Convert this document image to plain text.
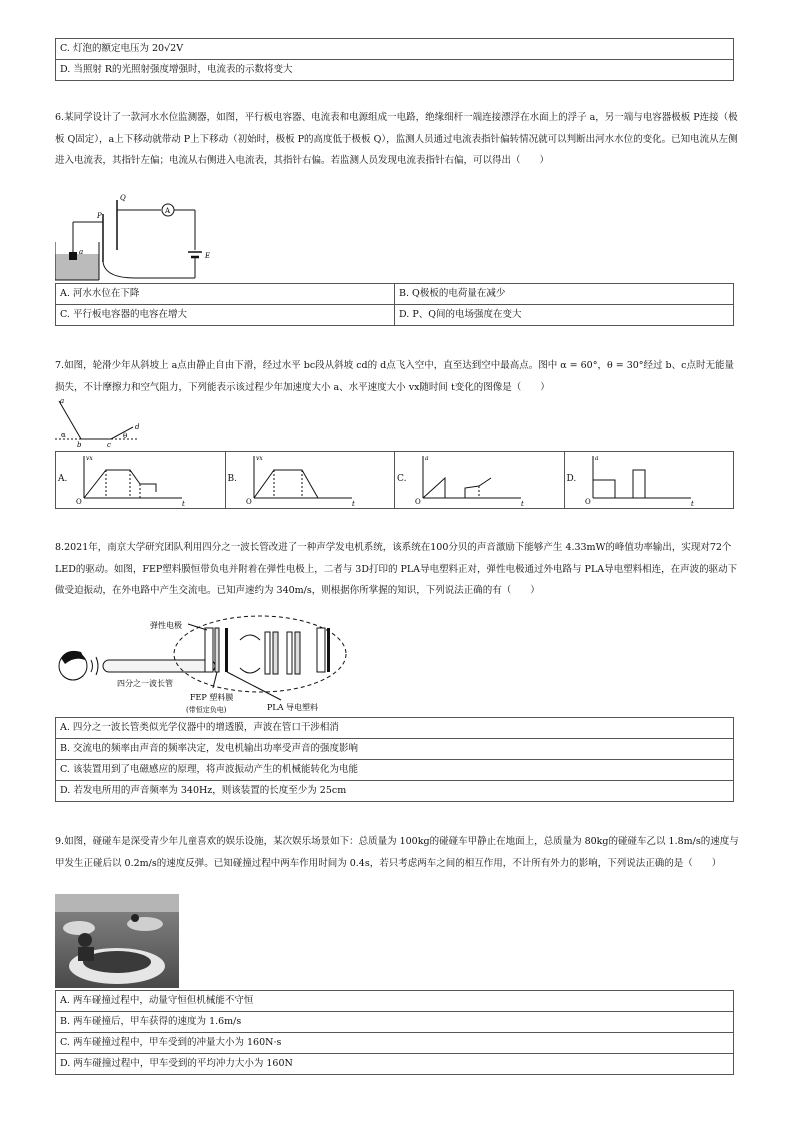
C. 灯泡的额定电压为 20√2V
D. 当照射 R的光照射强度增强时，电流表的示数将变大
6.某同学设计了一款河水水位监测器，如图，平行板电容器、电流表和电源组成一电路，绝缘细杆一端连接漂浮在水面上的浮子 a，另一端与电容器极板 P连接（极板 Q固定），a上下移动就带动 P上下移动（初始时，极板 P的高度低于极板 Q），监测人员通过电流表指针偏转情况就可以判断出河水水位的变化。已知电流从左侧进入电流表，其指针左偏；电流从右侧进入电流表，其指针右偏。若监测人员发现电流表指针右偏，可以得出（　　）
A
P
Q
a	E
A. 河水水位在下降	B. Q极板的电荷量在减少
C. 平行板电容器的电容在增大	D. P、Q间的电场强度在变大
7.如图，轮滑少年从斜坡上 a点由静止自由下滑，经过水平 bc段从斜坡 cd的 d点飞入空中，直至达到空中最高点。图中 α = 60°，θ = 30°经过 b、c点时无能量损失，不计摩擦力和空气阻力，下列能表示该过程少年加速度大小 a、水平速度大小 vx随时间 t变化的图像是（　　）
a
b	c
d
α	θ
A.
vx
O	t

B.
vx
O	t

C.
a
O	t

D.
a
O	t
8.2021年，南京大学研究团队利用四分之一波长管改进了一种声学发电机系统，该系统在100分贝的声音激励下能够产生 4.33mW的峰值功率输出，实现对72个 LED的驱动。如图，FEP塑料膜恒带负电并附着在弹性电极上，二者与 3D打印的 PLA导电塑料正对，弹性电极通过外电路与 PLA导电塑料相连，在声波的驱动下做受迫振动，在外电路中产生交流电。已知声速约为 340m/s，则根据你所掌握的知识，下列说法正确的有（　　）
四分之一波长管
弹性电极
FEP 塑料膜
(带恒定负电)	PLA 导电塑料
A. 四分之一波长管类似光学仪器中的增透膜，声波在管口干涉相消
B. 交流电的频率由声音的频率决定，发电机输出功率受声音的强度影响
C. 该装置用到了电磁感应的原理，将声波振动产生的机械能转化为电能
D. 若发电所用的声音频率为 340Hz，则该装置的长度至少为 25cm
9.如图，碰碰车是深受青少年儿童喜欢的娱乐设施，某次娱乐场景如下：总质量为 100kg的碰碰车甲静止在地面上，总质量为 80kg的碰碰车乙以 1.8m/s的速度与甲发生正碰后以 0.2m/s的速度反弹。已知碰撞过程中两车作用时间为 0.4s，若只考虑两车之间的相互作用，不计所有外力的影响，下列说法正确的是（　　）
A. 两车碰撞过程中，动量守恒但机械能不守恒
B. 两车碰撞后，甲车获得的速度为 1.6m/s
C. 两车碰撞过程中，甲车受到的冲量大小为 160N·s
D. 两车碰撞过程中，甲车受到的平均冲力大小为 160N
